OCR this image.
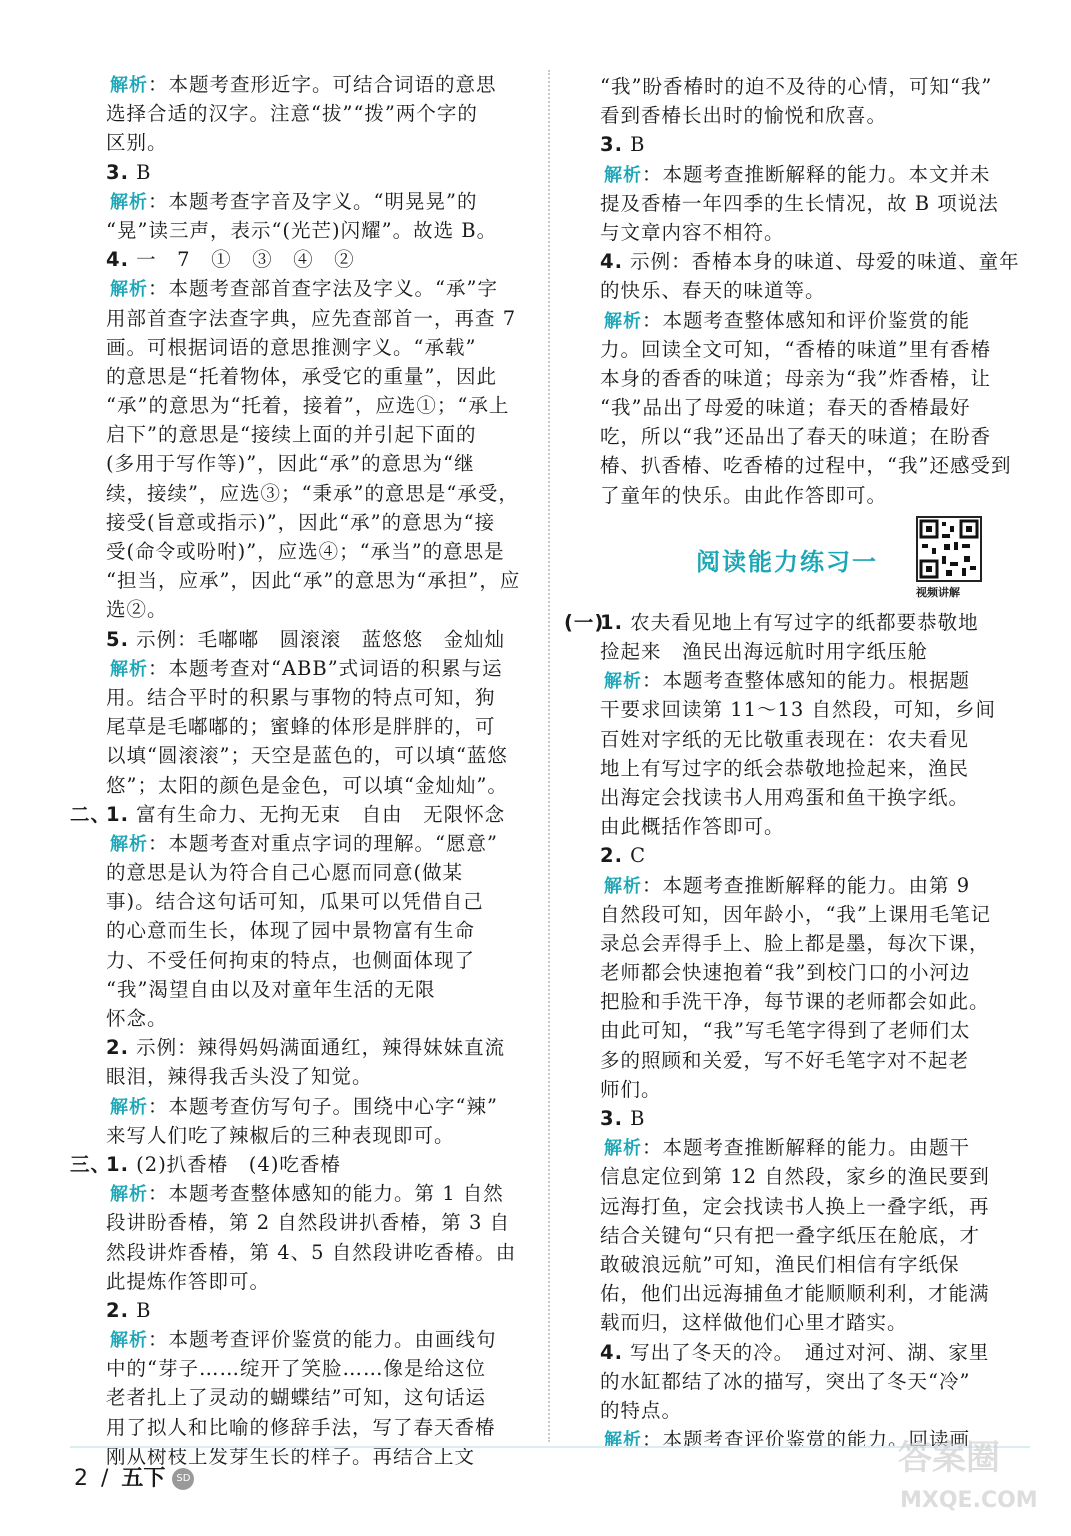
解析：本题考查形近字。可结合词语的意思
选择合适的汉字。注意“拔”“拨”两个字的
区别。
3. B
解析：本题考查字音及字义。“明晃晃”的
“晃”读三声，表示“(光芒)闪耀”。故选 B。
4. 一　7　①　③　④　②
解析：本题考查部首查字法及字义。“承”字
用部首查字法查字典，应先查部首一，再查 7
画。可根据词语的意思推测字义。“承载”
的意思是“托着物体，承受它的重量”，因此
“承”的意思为“托着，接着”，应选①；“承上
启下”的意思是“接续上面的并引起下面的
(多用于写作等)”，因此“承”的意思为“继
续，接续”，应选③；“秉承”的意思是“承受，
接受(旨意或指示)”，因此“承”的意思为“接
受(命令或吩咐)”，应选④；“承当”的意思是
“担当，应承”，因此“承”的意思为“承担”，应
选②。
5. 示例：毛嘟嘟　圆滚滚　蓝悠悠　金灿灿
解析：本题考查对“ABB”式词语的积累与运
用。结合平时的积累与事物的特点可知，狗
尾草是毛嘟嘟的；蜜蜂的体形是胖胖的，可
以填“圆滚滚”；天空是蓝色的，可以填“蓝悠
悠”；太阳的颜色是金色，可以填“金灿灿”。
二、
1. 富有生命力、无拘无束　自由　无限怀念
解析：本题考查对重点字词的理解。“愿意”
的意思是认为符合自己心愿而同意(做某
事)。结合这句话可知，瓜果可以凭借自己
的心意而生长，体现了园中景物富有生命
力、不受任何拘束的特点，也侧面体现了
“我”渴望自由以及对童年生活的无限
怀念。
2. 示例：辣得妈妈满面通红，辣得妹妹直流
眼泪，辣得我舌头没了知觉。
解析：本题考查仿写句子。围绕中心字“辣”
来写人们吃了辣椒后的三种表现即可。
三、
1. (2)扒香椿　(4)吃香椿
解析：本题考查整体感知的能力。第 1 自然
段讲盼香椿，第 2 自然段讲扒香椿，第 3 自
然段讲炸香椿，第 4、5 自然段讲吃香椿。由
此提炼作答即可。
2. B
解析：本题考查评价鉴赏的能力。由画线句
中的“芽子……绽开了笑脸……像是给这位
老者扎上了灵动的蝴蝶结”可知，这句话运
用了拟人和比喻的修辞手法，写了春天香椿
刚从树枝上发芽生长的样子。再结合上文
“我”盼香椿时的迫不及待的心情，可知“我”
看到香椿长出时的愉悦和欣喜。
3. B
解析：本题考查推断解释的能力。本文并未
提及香椿一年四季的生长情况，故 B 项说法
与文章内容不相符。
4. 示例：香椿本身的味道、母爱的味道、童年
的快乐、春天的味道等。
解析：本题考查整体感知和评价鉴赏的能
力。回读全文可知，“香椿的味道”里有香椿
本身的香香的味道；母亲为“我”炸香椿，让
“我”品出了母爱的味道；春天的香椿最好
吃，所以“我”还品出了春天的味道；在盼香
椿、扒香椿、吃香椿的过程中，“我”还感受到
了童年的快乐。由此作答即可。
阅读能力练习一
视频讲解
(一)
1. 农夫看见地上有写过字的纸都要恭敬地
捡起来　渔民出海远航时用字纸压舱
解析：本题考查整体感知的能力。根据题
干要求回读第 11～13 自然段，可知，乡间
百姓对字纸的无比敬重表现在：农夫看见
地上有写过字的纸会恭敬地捡起来，渔民
出海定会找读书人用鸡蛋和鱼干换字纸。
由此概括作答即可。
2. C
解析：本题考查推断解释的能力。由第 9
自然段可知，因年龄小，“我”上课用毛笔记
录总会弄得手上、脸上都是墨，每次下课，
老师都会快速抱着“我”到校门口的小河边
把脸和手洗干净，每节课的老师都会如此。
由此可知，“我”写毛笔字得到了老师们太
多的照顾和关爱，写不好毛笔字对不起老
师们。
3. B
解析：本题考查推断解释的能力。由题干
信息定位到第 12 自然段，家乡的渔民要到
远海打鱼，定会找读书人换上一叠字纸，再
结合关键句“只有把一叠字纸压在舱底，才
敢破浪远航”可知，渔民们相信有字纸保
佑，他们出远海捕鱼才能顺顺利利，才能满
载而归，这样做他们心里才踏实。
4. 写出了冬天的冷。　通过对河、湖、家里
的水缸都结了冰的描写，突出了冬天“冷”
的特点。
解析：本题考查评价鉴赏的能力。回读画
2 / 五下 SD
答案圈
MXQE.COM
